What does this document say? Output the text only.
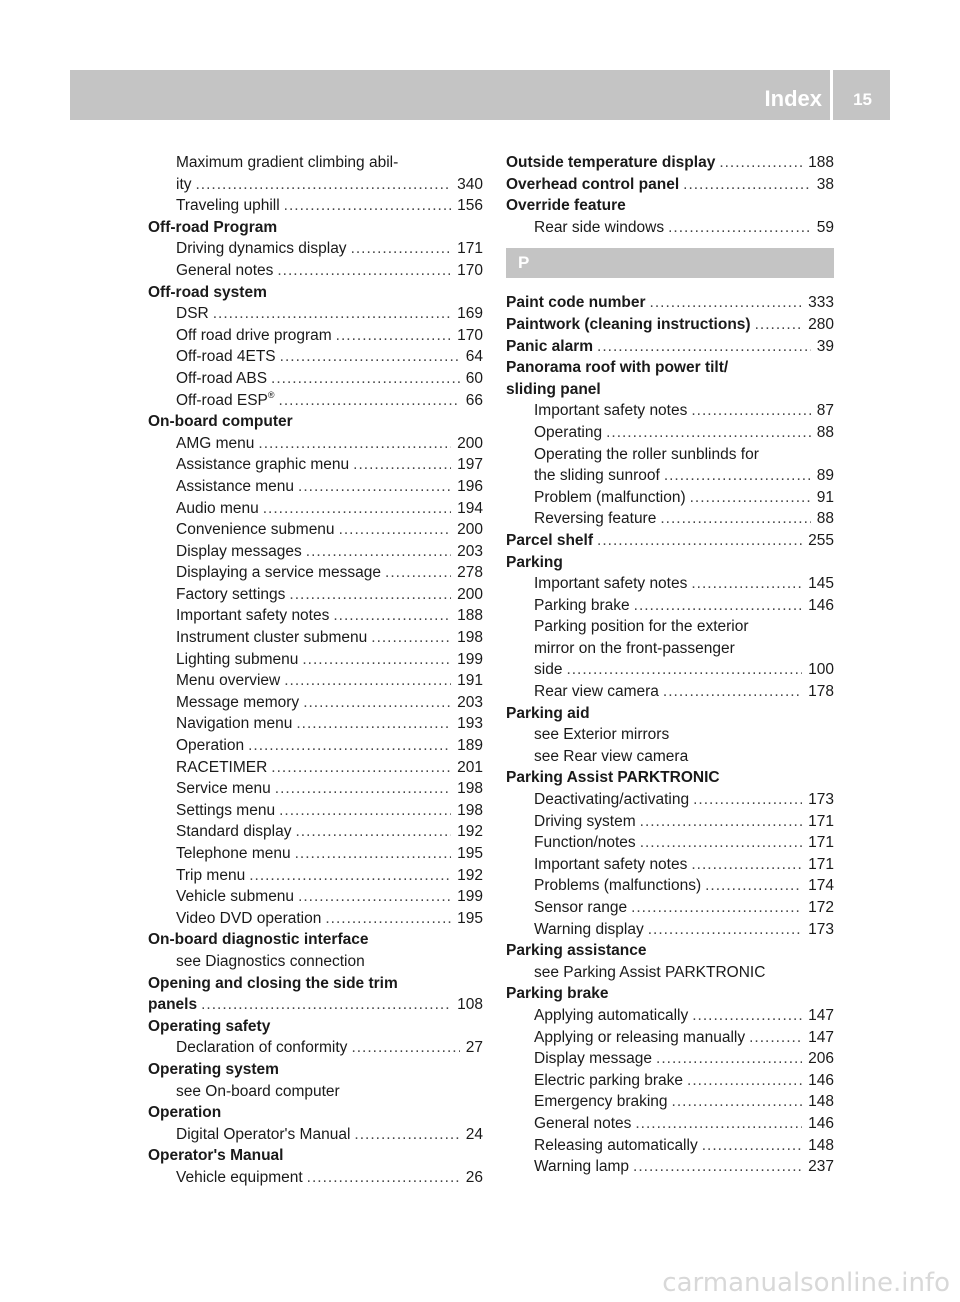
Index 15
Maximum gradient climbing abil-
ity .....	340
Traveling uphill .....	156
Off-road Program
Driving dynamics display .....	171
General notes .....	170
Off-road system
DSR .....	169
Off road drive program .....	170
Off-road 4ETS .....	64
Off-road ABS .....	60
Off-road ESP® .....	66
On-board computer
AMG menu .....	200
Assistance graphic menu .....	197
Assistance menu .....	196
Audio menu .....	194
Convenience submenu .....	200
Display messages .....	203
Displaying a service message .....	278
Factory settings .....	200
Important safety notes .....	188
Instrument cluster submenu .....	198
Lighting submenu .....	199
Menu overview .....	191
Message memory .....	203
Navigation menu .....	193
Operation .....	189
RACETIMER .....	201
Service menu .....	198
Settings menu .....	198
Standard display .....	192
Telephone menu .....	195
Trip menu .....	192
Vehicle submenu .....	199
Video DVD operation .....	195
On-board diagnostic interface
see Diagnostics connection
Opening and closing the side trim
panels .....	108
Operating safety
Declaration of conformity .....	27
Operating system
see On-board computer
Operation
Digital Operator's Manual .....	24
Operator's Manual
Vehicle equipment .....	26
Outside temperature display .....	188
Overhead control panel .....	38
Override feature
Rear side windows .....	59
P
Paint code number .....	333
Paintwork (cleaning instructions) .....	280
Panic alarm .....	39
Panorama roof with power tilt/
sliding panel
Important safety notes .....	87
Operating .....	88
Operating the roller sunblinds for
the sliding sunroof .....	89
Problem (malfunction) .....	91
Reversing feature .....	88
Parcel shelf .....	255
Parking
Important safety notes .....	145
Parking brake .....	146
Parking position for the exterior
mirror on the front-passenger
side .....	100
Rear view camera .....	178
Parking aid
see Exterior mirrors
see Rear view camera
Parking Assist PARKTRONIC
Deactivating/activating .....	173
Driving system .....	171
Function/notes .....	171
Important safety notes .....	171
Problems (malfunctions) .....	174
Sensor range .....	172
Warning display .....	173
Parking assistance
see Parking Assist PARKTRONIC
Parking brake
Applying automatically .....	147
Applying or releasing manually .....	147
Display message .....	206
Electric parking brake .....	146
Emergency braking .....	148
General notes .....	146
Releasing automatically .....	148
Warning lamp .....	237
carmanualsonline.info
